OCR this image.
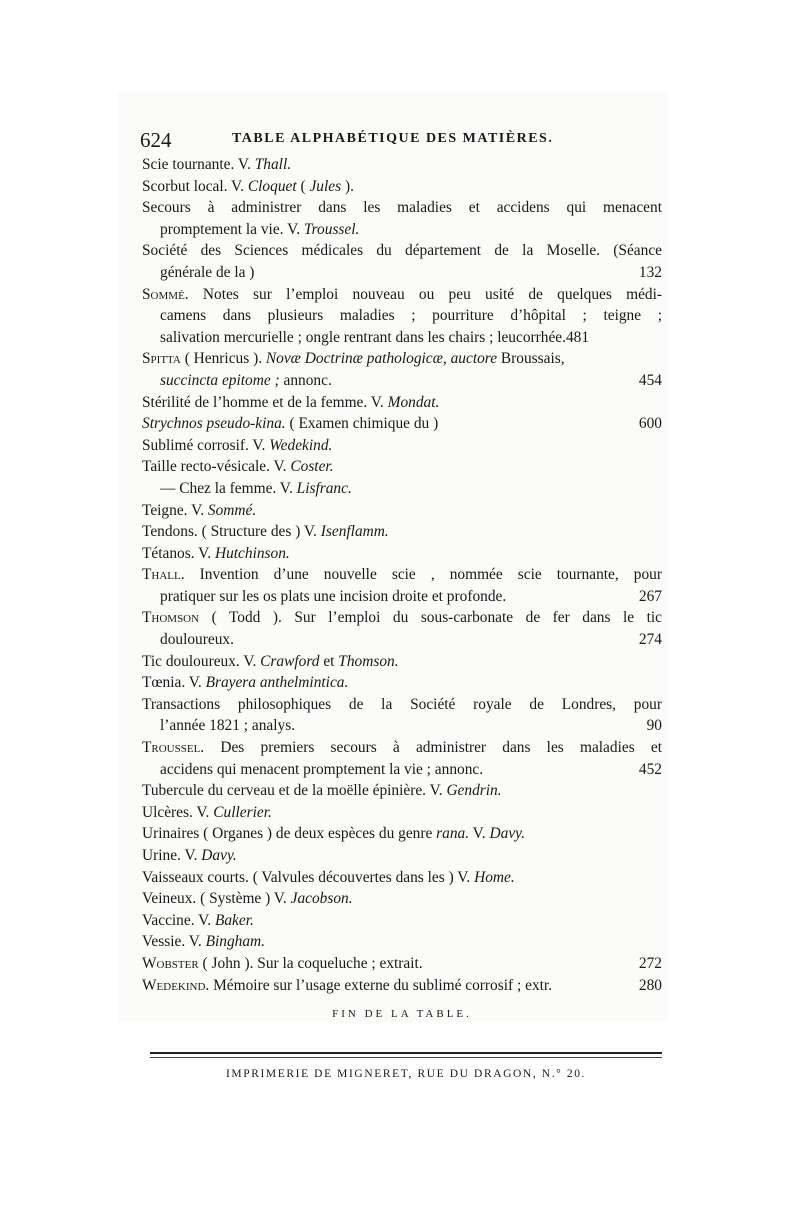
624	TABLE ALPHABÉTIQUE DES MATIÈRES.
Scie tournante. V. Thall.
Scorbut local. V. Cloquet ( Jules ).
Secours à administrer dans les maladies et accidens qui menacent
promptement la vie. V. Troussel.
Société des Sciences médicales du département de la Moselle. (Séance
générale de la )	132
Sommé. Notes sur l’emploi nouveau ou peu usité de quelques médi-
camens dans plusieurs maladies ; pourriture d’hôpital ; teigne ;
salivation mercurielle ; ongle rentrant dans les chairs ; leucorrhée.481
Spitta ( Henricus ). Novæ Doctrinæ pathologicæ, auctore Broussais,
succincta epitome ; annonc.	454
Stérilité de l’homme et de la femme. V. Mondat.
Strychnos pseudo-kina. ( Examen chimique du )	600
Sublimé corrosif. V. Wedekind.
Taille recto-vésicale. V. Coster.
— Chez la femme. V. Lisfranc.
Teigne. V. Sommé.
Tendons. ( Structure des ) V. Isenflamm.
Tétanos. V. Hutchinson.
Thall. Invention d’une nouvelle scie , nommée scie tournante, pour
pratiquer sur les os plats une incision droite et profonde.	267
Thomson ( Todd ). Sur l’emploi du sous-carbonate de fer dans le tic
douloureux.	274
Tic douloureux. V. Crawford et Thomson.
Tœnia. V. Brayera anthelmintica.
Transactions philosophiques de la Société royale de Londres, pour
l’année 1821 ; analys.	90
Troussel. Des premiers secours à administrer dans les maladies et
accidens qui menacent promptement la vie ; annonc.	452
Tubercule du cerveau et de la moëlle épinière. V. Gendrin.
Ulcères. V. Cullerier.
Urinaires ( Organes ) de deux espèces du genre rana. V. Davy.
Urine. V. Davy.
Vaisseaux courts. ( Valvules découvertes dans les ) V. Home.
Veineux. ( Système ) V. Jacobson.
Vaccine. V. Baker.
Vessie. V. Bingham.
Wobster ( John ). Sur la coqueluche ; extrait.	272
Wedekind. Mémoire sur l’usage externe du sublimé corrosif ; extr.	280
FIN DE LA TABLE.
IMPRIMERIE DE MIGNERET, RUE DU DRAGON, N.° 20.
